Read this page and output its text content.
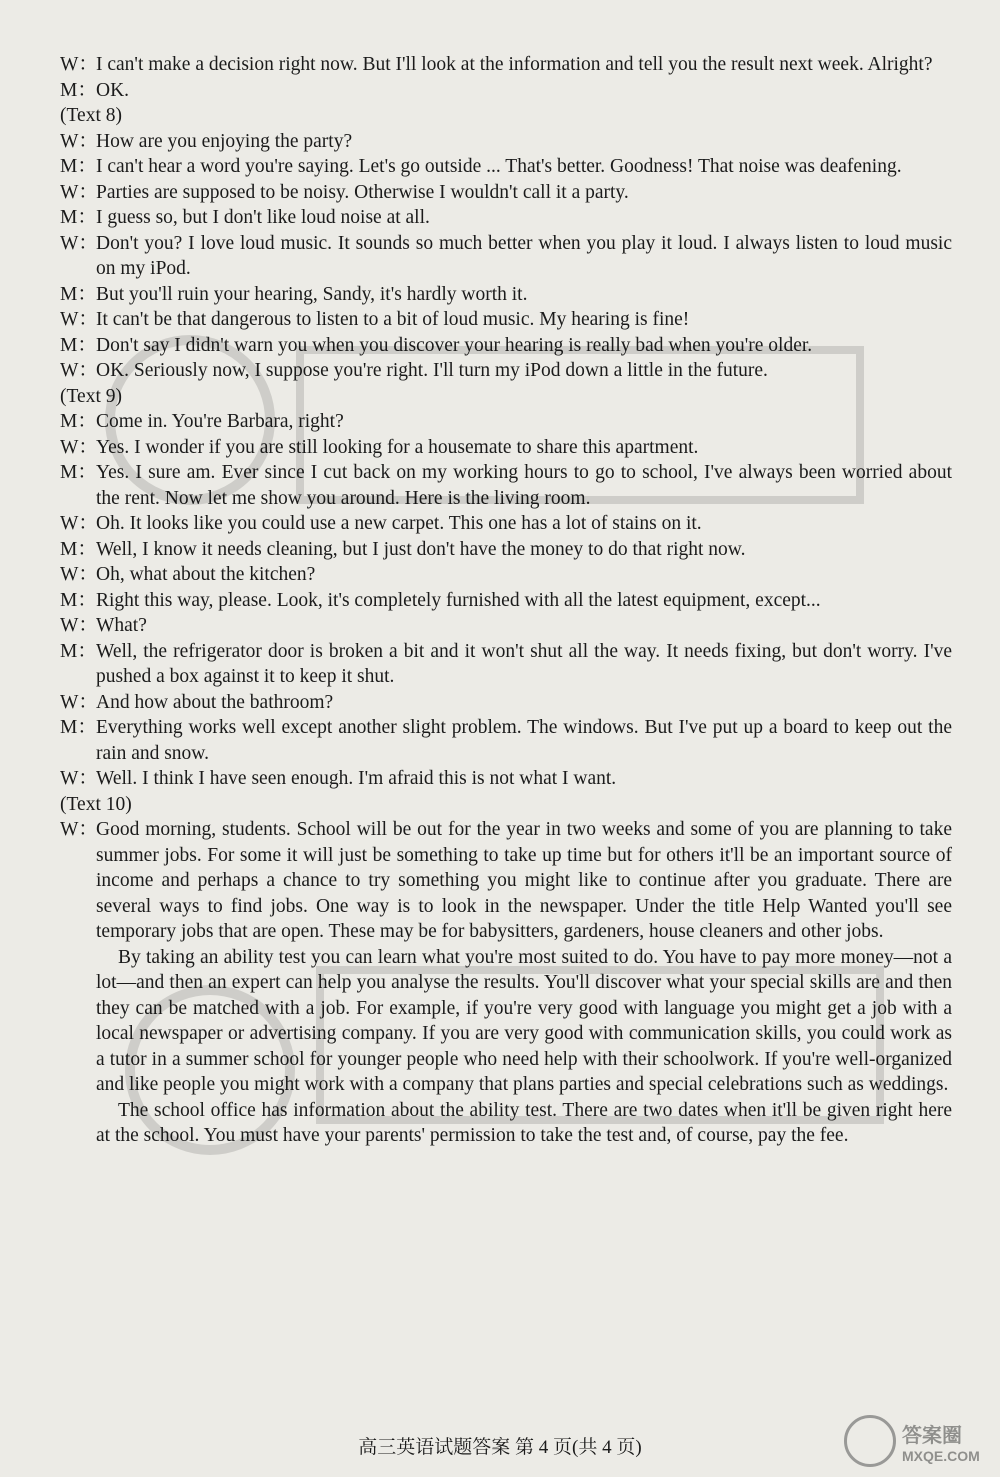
W：
I can't make a decision right now. But I'll look at the information and tell you the result next week. Alright?
M： OK.
(Text 8)
W：
How are you enjoying the party?
M： I can't hear a word you're saying. Let's go outside ... That's better. Goodness! That noise was deafening.
W：
Parties are supposed to be noisy. Otherwise I wouldn't call it a party.
M： I guess so, but I don't like loud noise at all.
W：
Don't you? I love loud music. It sounds so much better when you play it loud. I always listen to loud music on my iPod.
M： But you'll ruin your hearing, Sandy, it's hardly worth it.
W：
It can't be that dangerous to listen to a bit of loud music. My hearing is fine!
M： Don't say I didn't warn you when you discover your hearing is really bad when you're older.
W：
OK. Seriously now, I suppose you're right. I'll turn my iPod down a little in the future.
(Text 9)
M： Come in. You're Barbara, right?
W：
Yes. I wonder if you are still looking for a housemate to share this apartment.
M： Yes. I sure am. Ever since I cut back on my working hours to go to school, I've always been worried about the rent. Now let me show you around. Here is the living room.
W：
Oh. It looks like you could use a new carpet. This one has a lot of stains on it.
M： Well, I know it needs cleaning, but I just don't have the money to do that right now.
W：
Oh, what about the kitchen?
M： Right this way, please. Look, it's completely furnished with all the latest equipment, except...
W：
What?
M： Well, the refrigerator door is broken a bit and it won't shut all the way. It needs fixing, but don't worry. I've pushed a box against it to keep it shut.
W：
And how about the bathroom?
M： Everything works well except another slight problem. The windows. But I've put up a board to keep out the rain and snow.
W：
Well. I think I have seen enough. I'm afraid this is not what I want.
(Text 10)
W：
Good morning, students. School will be out for the year in two weeks and some of you are planning to take summer jobs. For some it will just be something to take up time but for others it'll be an important source of income and perhaps a chance to try something you might like to continue after you graduate. There are several ways to find jobs. One way is to look in the newspaper. Under the title Help Wanted you'll see temporary jobs that are open. These may be for babysitters, gardeners, house cleaners and other jobs.
By taking an ability test you can learn what you're most suited to do. You have to pay more money—not a lot—and then an expert can help you analyse the results. You'll discover what your special skills are and then they can be matched with a job. For example, if you're very good with language you might get a job with a local newspaper or advertising company. If you are very good with communication skills, you could work as a tutor in a summer school for younger people who need help with their schoolwork. If you're well-organized and like people you might work with a company that plans parties and special celebrations such as weddings.
The school office has information about the ability test. There are two dates when it'll be given right here at the school. You must have your parents' permission to take the test and, of course, pay the fee.
高三英语试题答案 第 4 页(共 4 页)
答案圈
MXQE.COM
